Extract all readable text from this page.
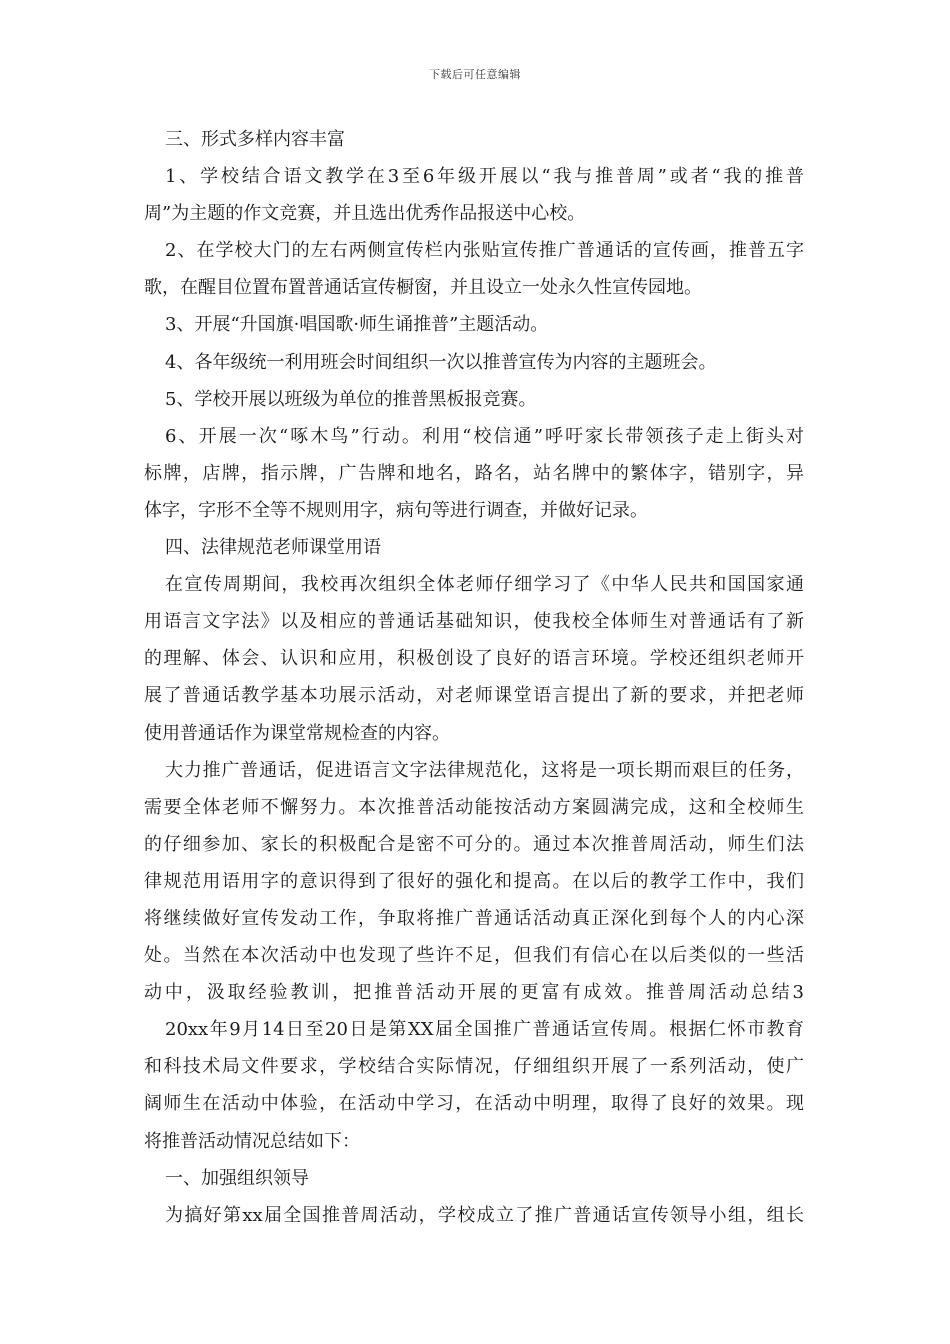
下载后可任意编辑
三、形式多样内容丰富
1、学校结合语文教学在3至6年级开展以“我与推普周”或者“我的推普
周”为主题的作文竞赛，并且选出优秀作品报送中心校。
2、在学校大门的左右两侧宣传栏内张贴宣传推广普通话的宣传画，推普五字
歌，在醒目位置布置普通话宣传橱窗，并且设立一处永久性宣传园地。
3、开展“升国旗·唱国歌·师生诵推普”主题活动。
4、各年级统一利用班会时间组织一次以推普宣传为内容的主题班会。
5、学校开展以班级为单位的推普黑板报竞赛。
6、开展一次“啄木鸟”行动。利用“校信通”呼吁家长带领孩子走上街头对
标牌，店牌，指示牌，广告牌和地名，路名，站名牌中的繁体字，错别字，异
体字，字形不全等不规则用字，病句等进行调查，并做好记录。
四、法律规范老师课堂用语
在宣传周期间，我校再次组织全体老师仔细学习了《中华人民共和国国家通
用语言文字法》以及相应的普通话基础知识，使我校全体师生对普通话有了新
的理解、体会、认识和应用，积极创设了良好的语言环境。学校还组织老师开
展了普通话教学基本功展示活动，对老师课堂语言提出了新的要求，并把老师
使用普通话作为课堂常规检查的内容。
大力推广普通话，促进语言文字法律规范化，这将是一项长期而艰巨的任务，
需要全体老师不懈努力。本次推普活动能按活动方案圆满完成，这和全校师生
的仔细参加、家长的积极配合是密不可分的。通过本次推普周活动，师生们法
律规范用语用字的意识得到了很好的强化和提高。在以后的教学工作中，我们
将继续做好宣传发动工作，争取将推广普通话活动真正深化到每个人的内心深
处。当然在本次活动中也发现了些许不足，但我们有信心在以后类似的一些活
动中，汲取经验教训，把推普活动开展的更富有成效。推普周活动总结3
20xx年9月14日至20日是第XX届全国推广普通话宣传周。根据仁怀市教育
和科技术局文件要求，学校结合实际情况，仔细组织开展了一系列活动，使广
阔师生在活动中体验，在活动中学习，在活动中明理，取得了良好的效果。现
将推普活动情况总结如下：
一、加强组织领导
为搞好第xx届全国推普周活动，学校成立了推广普通话宣传领导小组，组长
